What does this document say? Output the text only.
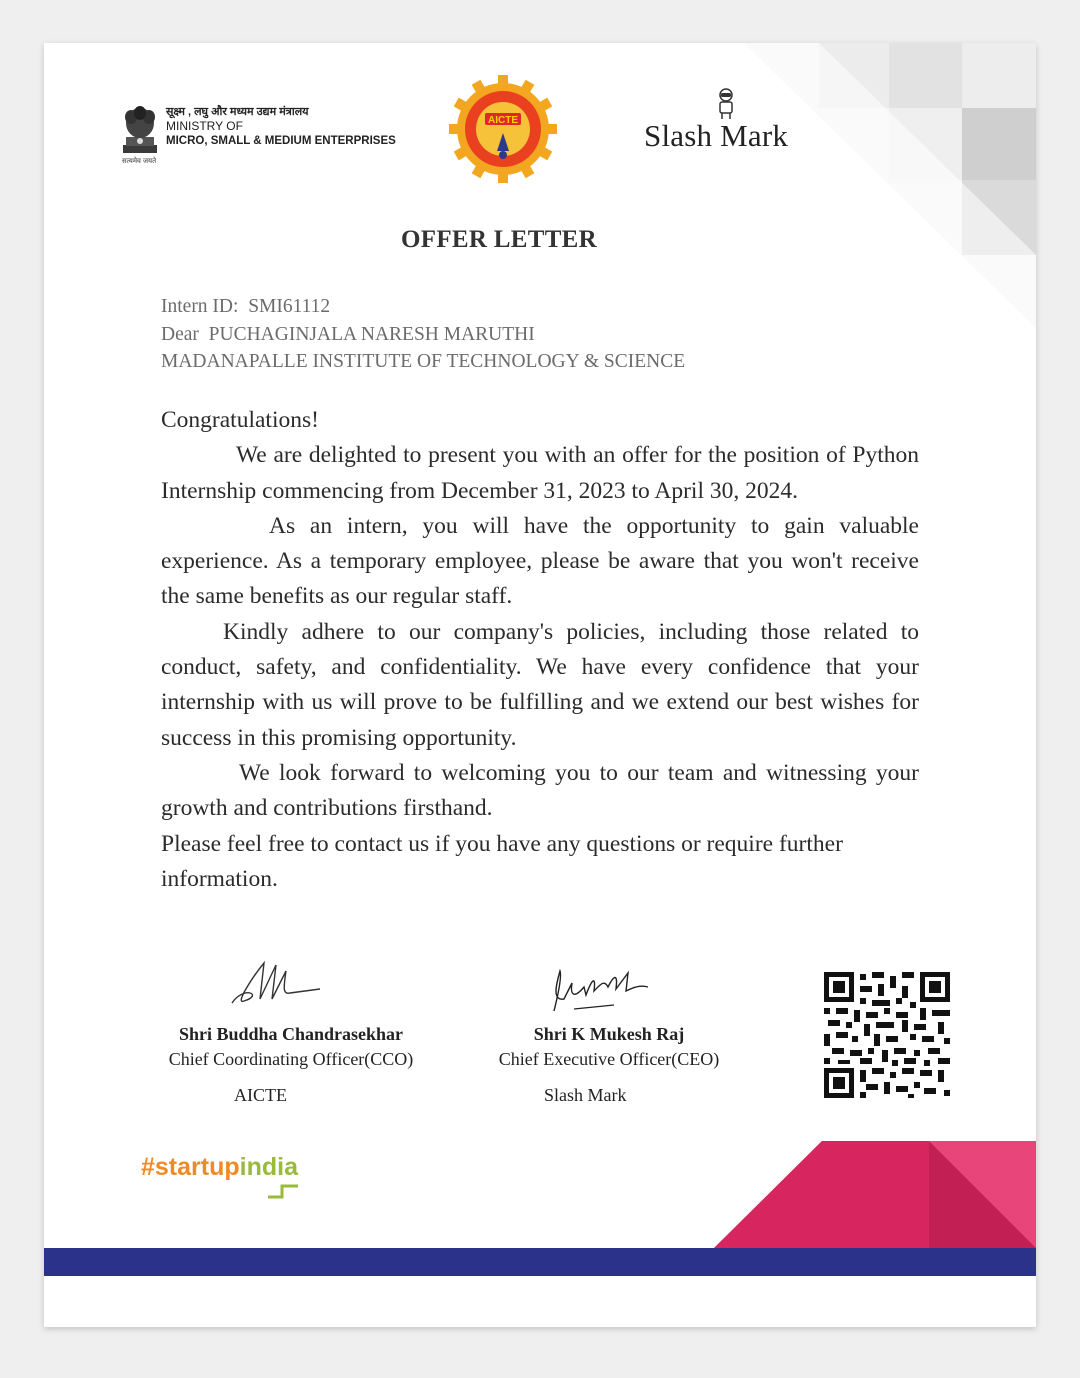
सूक्ष्म , लघु और मध्यम उद्यम मंत्रालय
MINISTRY OF
MICRO, SMALL & MEDIUM ENTERPRISES
सत्यमेव जयते
AICTE	Slash Mark
OFFER LETTER
Intern ID: SMI61112
Dear PUCHAGINJALA NARESH MARUTHI
MADANAPALLE INSTITUTE OF TECHNOLOGY & SCIENCE

Congratulations!

We are delighted to present you with an offer for the position of Python Internship commencing from December 31, 2023 to April 30, 2024.

As an intern, you will have the opportunity to gain valuable experience. As a temporary employee, please be aware that you won't receive the same benefits as our regular staff.

Kindly adhere to our company's policies, including those related to conduct, safety, and confidentiality. We have every confidence that your internship with us will prove to be fulfilling and we extend our best wishes for success in this promising opportunity.

We look forward to welcoming you to our team and witnessing your growth and contributions firsthand.

Please feel free to contact us if you have any questions or require further information.

Shri Buddha Chandrasekhar
Chief Coordinating Officer(CCO)
AICTE
Shri K Mukesh Raj
Chief Executive Officer(CEO)
Slash Mark
#startupindia
